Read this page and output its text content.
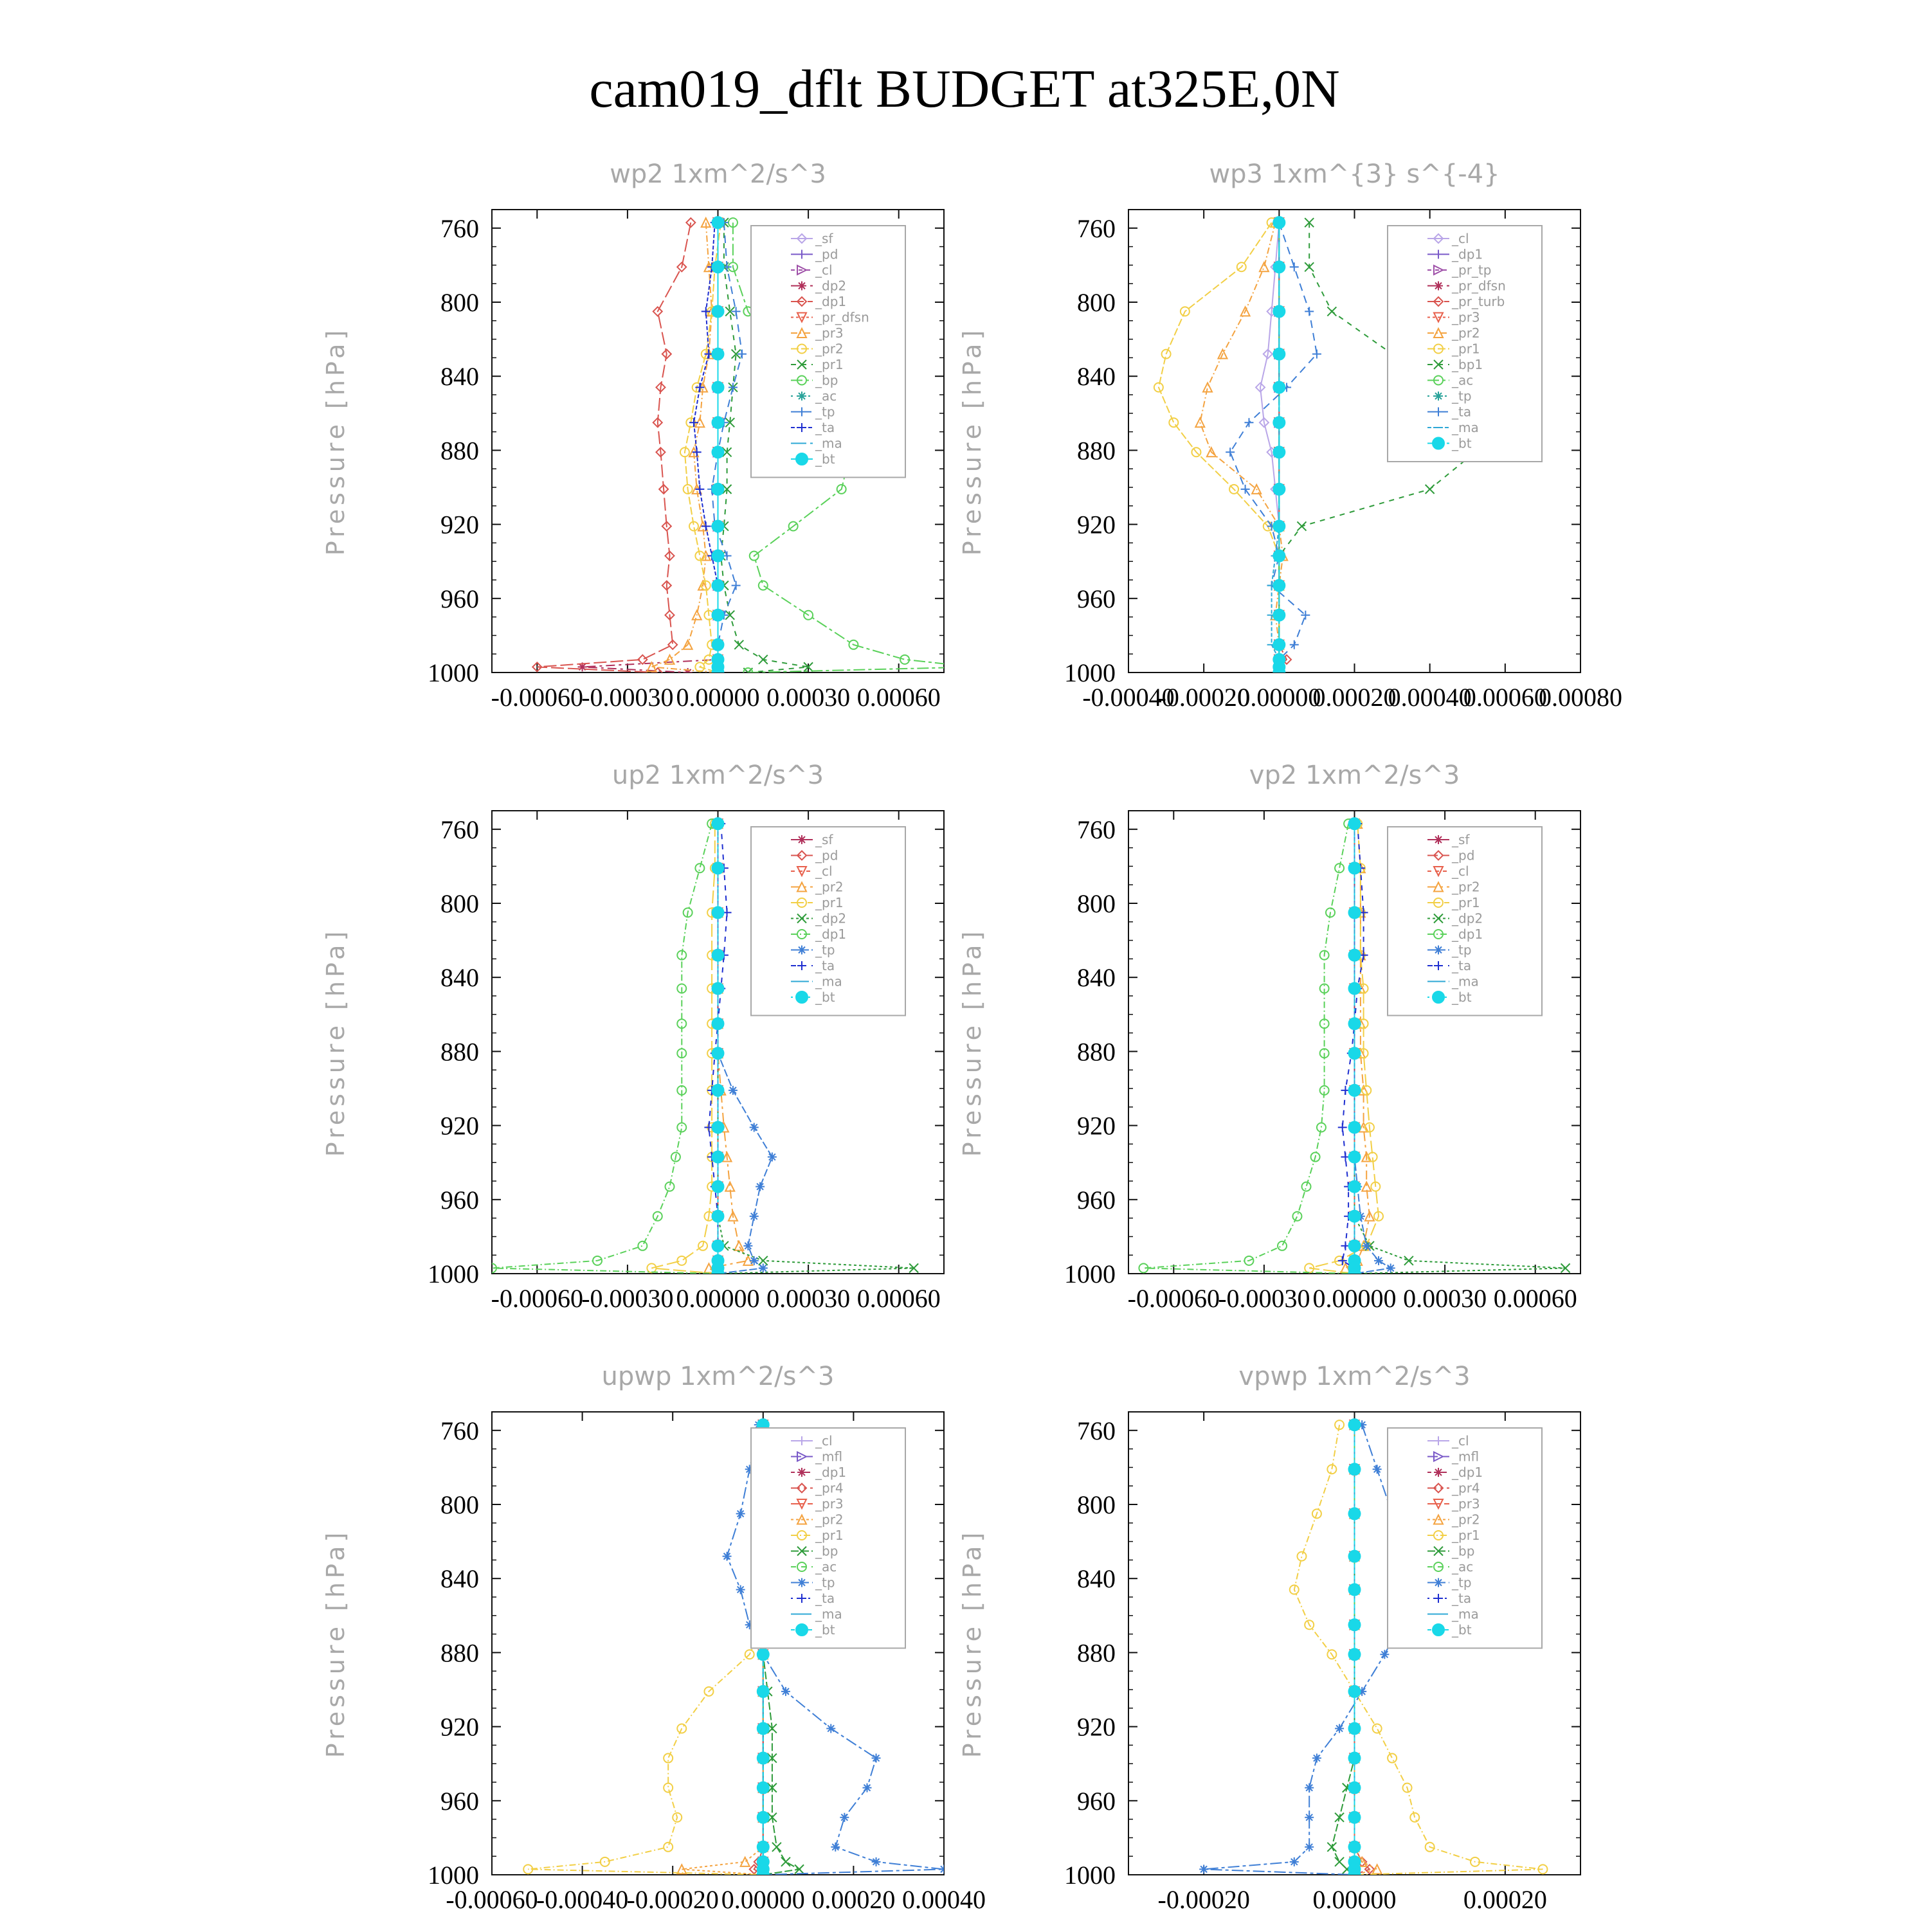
cam019_dflt BUDGET at325E,0N
wp2 1xm^2/s^3
Pressure [hPa]
760
800
840
880
920
960
1000
-0.00060
-0.00030 0.00000 0.00030 0.00060
_sf
_pd
_cl
_dp2
_dp1
_pr_dfsn
_pr3
_pr2
_pr1
_bp
_ac
_tp
_ta
_ma
_bt
wp3 1xm^{3} s^{-4}
Pressure [hPa]
760
800
840
880
920
960
1000
-0.00040
-0.00020
0.00000
0.00020
0.00040
0.00060
0.00080
_cl
_dp1
_pr_tp
_pr_dfsn
_pr_turb
_pr3
_pr2
_pr1
_bp1
_ac
_tp
_ta
_ma
_bt
up2 1xm^2/s^3
Pressure [hPa]
760
800
840
880
920
960
1000
-0.00060
-0.00030 0.00000 0.00030 0.00060
_sf
_pd
_cl
_pr2
_pr1
_dp2
_dp1
_tp
_ta
_ma
_bt
vp2 1xm^2/s^3
Pressure [hPa]
760
800
840
880
920
960
1000
-0.00060
-0.00030 0.00000 0.00030 0.00060
_sf
_pd
_cl
_pr2
_pr1
_dp2
_dp1
_tp
_ta
_ma
_bt
upwp 1xm^2/s^3
Pressure [hPa]
760
800
840
880
920
960
1000
-0.00060
-0.00040
-0.00020 0.00000 0.00020 0.00040
_cl
_mfl
_dp1
_pr4
_pr3
_pr2
_pr1
_bp
_ac
_tp
_ta
_ma
_bt
vpwp 1xm^2/s^3
Pressure [hPa]
760
800
840
880
920
960
1000
-0.00020 0.00000	0.00020
_cl
_mfl
_dp1
_pr4
_pr3
_pr2
_pr1
_bp
_ac
_tp
_ta
_ma
_bt
